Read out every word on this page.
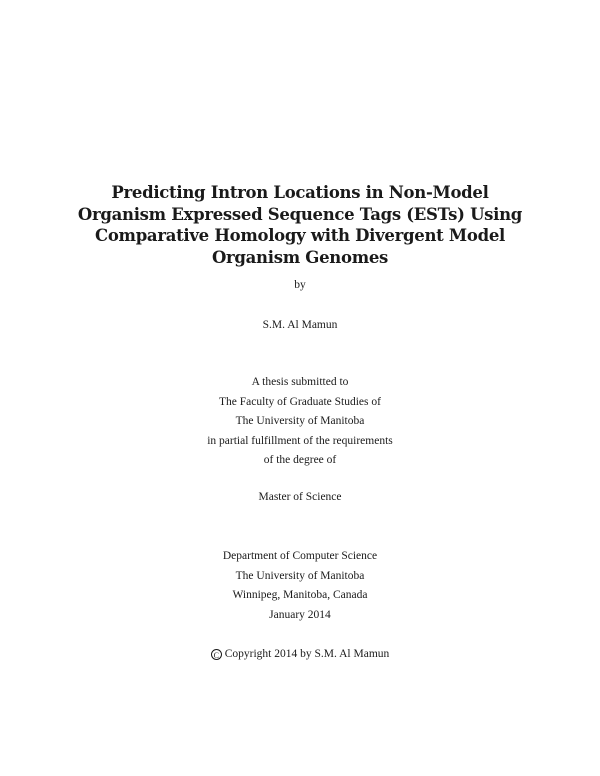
Predicting Intron Locations in Non-Model
Organism Expressed Sequence Tags (ESTs) Using
Comparative Homology with Divergent Model
Organism Genomes
by
S.M. Al Mamun
A thesis submitted to
The Faculty of Graduate Studies of
The University of Manitoba
in partial fulfillment of the requirements
of the degree of
Master of Science
Department of Computer Science
The University of Manitoba
Winnipeg, Manitoba, Canada
January 2014
C Copyright 2014 by S.M. Al Mamun
